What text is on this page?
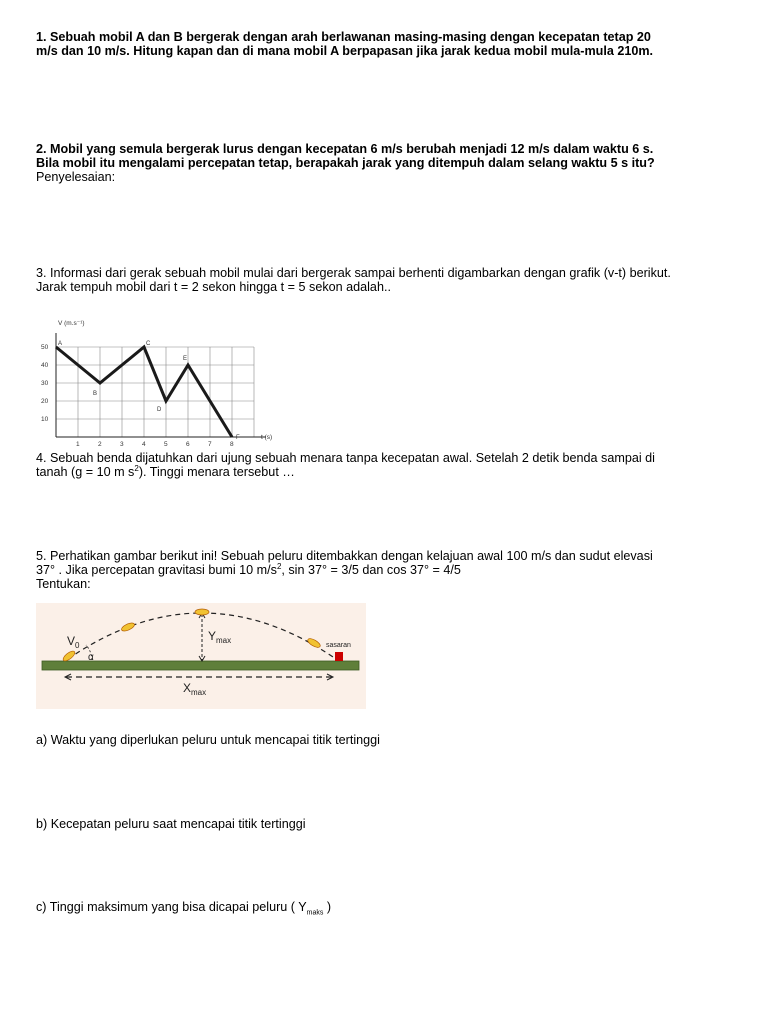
1. Sebuah mobil A dan B bergerak dengan arah berlawanan masing-masing dengan kecepatan tetap 20
m/s dan 10 m/s. Hitung kapan dan di mana mobil A berpapasan jika jarak kedua mobil mula-mula 210m.

2. Mobil yang semula bergerak lurus dengan kecepatan 6 m/s berubah menjadi 12 m/s dalam waktu 6 s.
Bila mobil itu mengalami percepatan tetap, berapakah jarak yang ditempuh dalam selang waktu 5 s itu?
Penyelesaian:

3. Informasi dari gerak sebuah mobil mulai dari bergerak sampai berhenti digambarkan dengan grafik (v-t) berikut.
Jarak tempuh mobil dari t = 2 sekon hingga t = 5 sekon adalah..

1	2	3	4	5	6	7	8
10
20
30
40
50 A
B
C
D
E
F
V (m.s⁻¹)
t (s)

4. Sebuah benda dijatuhkan dari ujung sebuah menara tanpa kecepatan awal. Setelah 2 detik benda sampai di
tanah (g = 10 m $s^2$). Tinggi menara tersebut …

5. Perhatikan gambar berikut ini! Sebuah peluru ditembakkan dengan kelajuan awal 100 m/s dan sudut elevasi
37° . Jika percepatan gravitasi bumi 10 $m/s^2$, sin 37° = 3/5 dan cos 37° = 4/5
Tentukan:

$V_0$
α
$Y_{max}$
$X_{max}$
sasaran

a) Waktu yang diperlukan peluru untuk mencapai titik tertinggi

b) Kecepatan peluru saat mencapai titik tertinggi

c) Tinggi maksimum yang bisa dicapai peluru ( $Y_{maks}$ )
